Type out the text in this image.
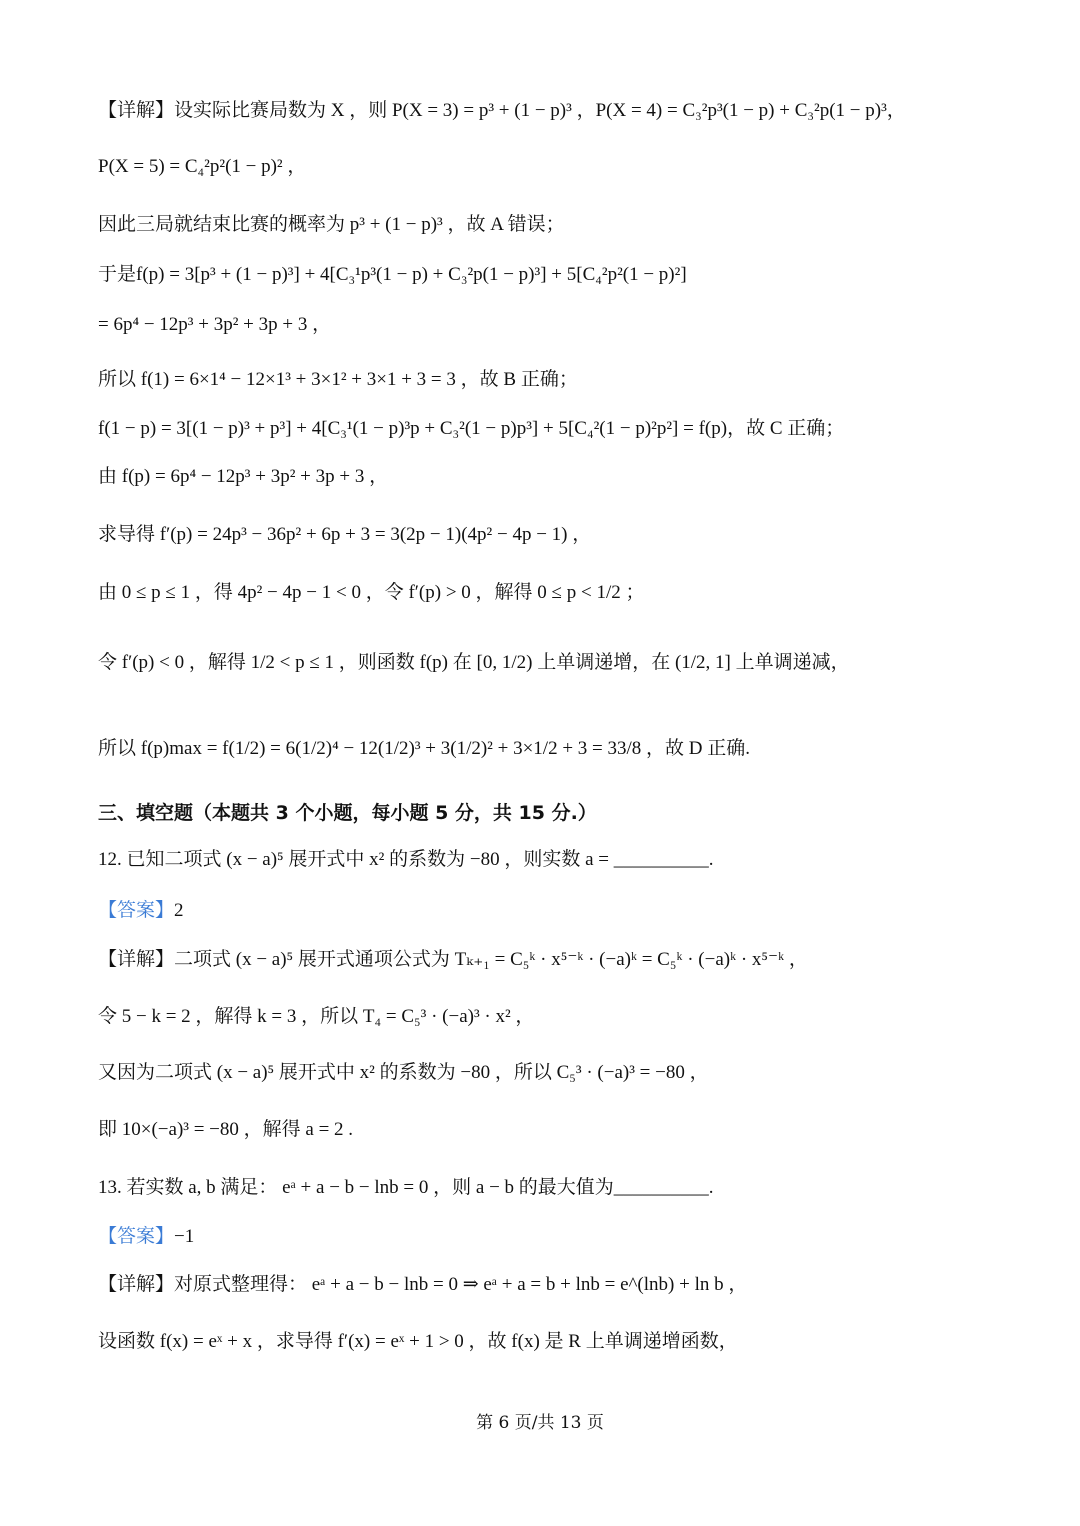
【详解】设实际比赛局数为 X ，则 P(X = 3) = p³ + (1 − p)³ ，P(X = 4) = C₃²p³(1 − p) + C₃²p(1 − p)³，
P(X = 5) = C₄²p²(1 − p)² ，
因此三局就结束比赛的概率为 p³ + (1 − p)³ ，故 A 错误；
于是f(p) = 3[p³ + (1 − p)³] + 4[C₃¹p³(1 − p) + C₃²p(1 − p)³] + 5[C₄²p²(1 − p)²]
= 6p⁴ − 12p³ + 3p² + 3p + 3 ，
所以 f(1) = 6×1⁴ − 12×1³ + 3×1² + 3×1 + 3 = 3 ，故 B 正确；
f(1 − p) = 3[(1 − p)³ + p³] + 4[C₃¹(1 − p)³p + C₃²(1 − p)p³] + 5[C₄²(1 − p)²p²] = f(p)，故 C 正确；
由 f(p) = 6p⁴ − 12p³ + 3p² + 3p + 3 ，
求导得 f′(p) = 24p³ − 36p² + 6p + 3 = 3(2p − 1)(4p² − 4p − 1) ，
由 0 ≤ p ≤ 1 ，得 4p² − 4p − 1 < 0 ，令 f′(p) > 0 ，解得 0 ≤ p < 1/2 ；
令 f′(p) < 0 ，解得 1/2 < p ≤ 1 ，则函数 f(p) 在 [0, 1/2) 上单调递增，在 (1/2, 1] 上单调递减，
所以 f(p)max = f(1/2) = 6(1/2)⁴ − 12(1/2)³ + 3(1/2)² + 3×1/2 + 3 = 33/8 ，故 D 正确.
三、填空题（本题共 3 个小题，每小题 5 分，共 15 分.）
12. 已知二项式 (x − a)⁵ 展开式中 x² 的系数为 −80 ，则实数 a = __________.
【答案】2
【详解】二项式 (x − a)⁵ 展开式通项公式为 Tₖ₊₁ = C₅ᵏ · x⁵⁻ᵏ · (−a)ᵏ = C₅ᵏ · (−a)ᵏ · x⁵⁻ᵏ ，
令 5 − k = 2 ，解得 k = 3 ，所以 T₄ = C₅³ · (−a)³ · x² ，
又因为二项式 (x − a)⁵ 展开式中 x² 的系数为 −80 ，所以 C₅³ · (−a)³ = −80 ，
即 10×(−a)³ = −80 ，解得 a = 2 .
13. 若实数 a, b 满足： eᵃ + a − b − lnb = 0 ，则 a − b 的最大值为__________.
【答案】−1
【详解】对原式整理得： eᵃ + a − b − lnb = 0 ⇒ eᵃ + a = b + lnb = e^(lnb) + ln b ，
设函数 f(x) = eˣ + x ，求导得 f′(x) = eˣ + 1 > 0 ，故 f(x) 是 R 上单调递增函数，
第 6 页/共 13 页
